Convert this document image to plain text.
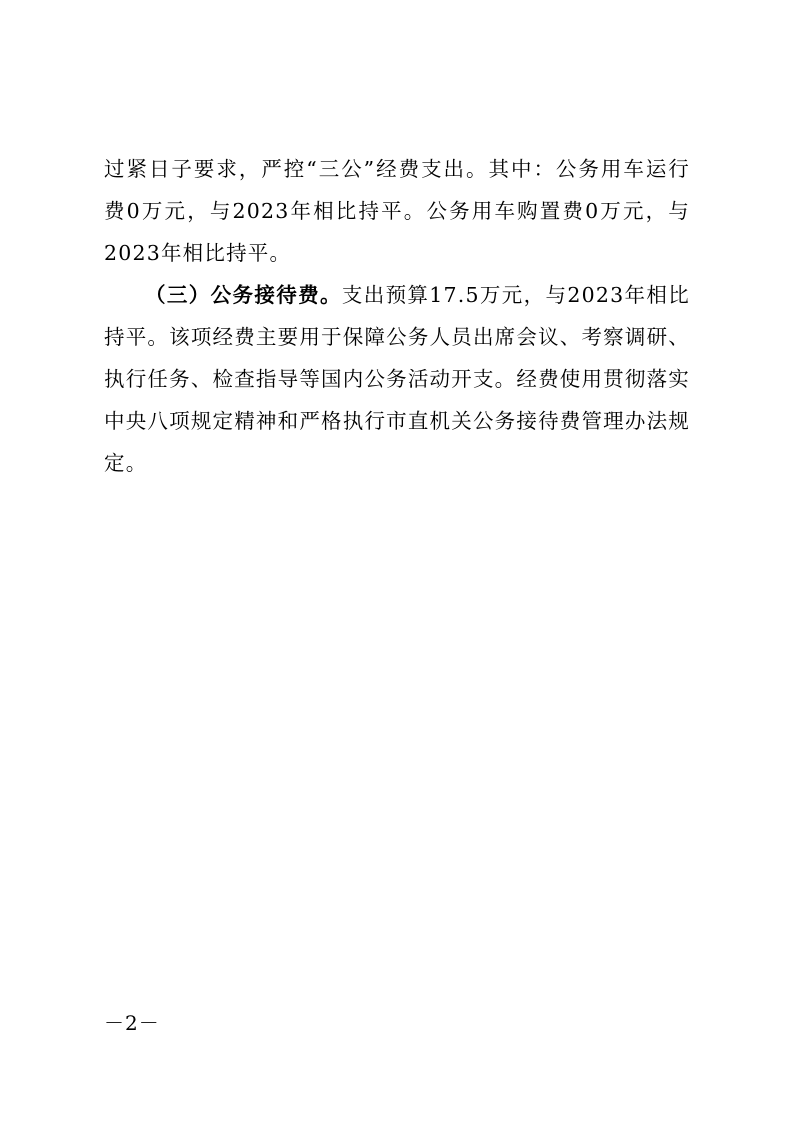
过紧日子要求，严控“三公”经费支出。其中：公务用车运行费0万元，与2023年相比持平。公务用车购置费0万元，与2023年相比持平。

（三）公务接待费。支出预算17.5万元，与2023年相比持平。该项经费主要用于保障公务人员出席会议、考察调研、执行任务、检查指导等国内公务活动开支。经费使用贯彻落实中央八项规定精神和严格执行市直机关公务接待费管理办法规定。

－2－
